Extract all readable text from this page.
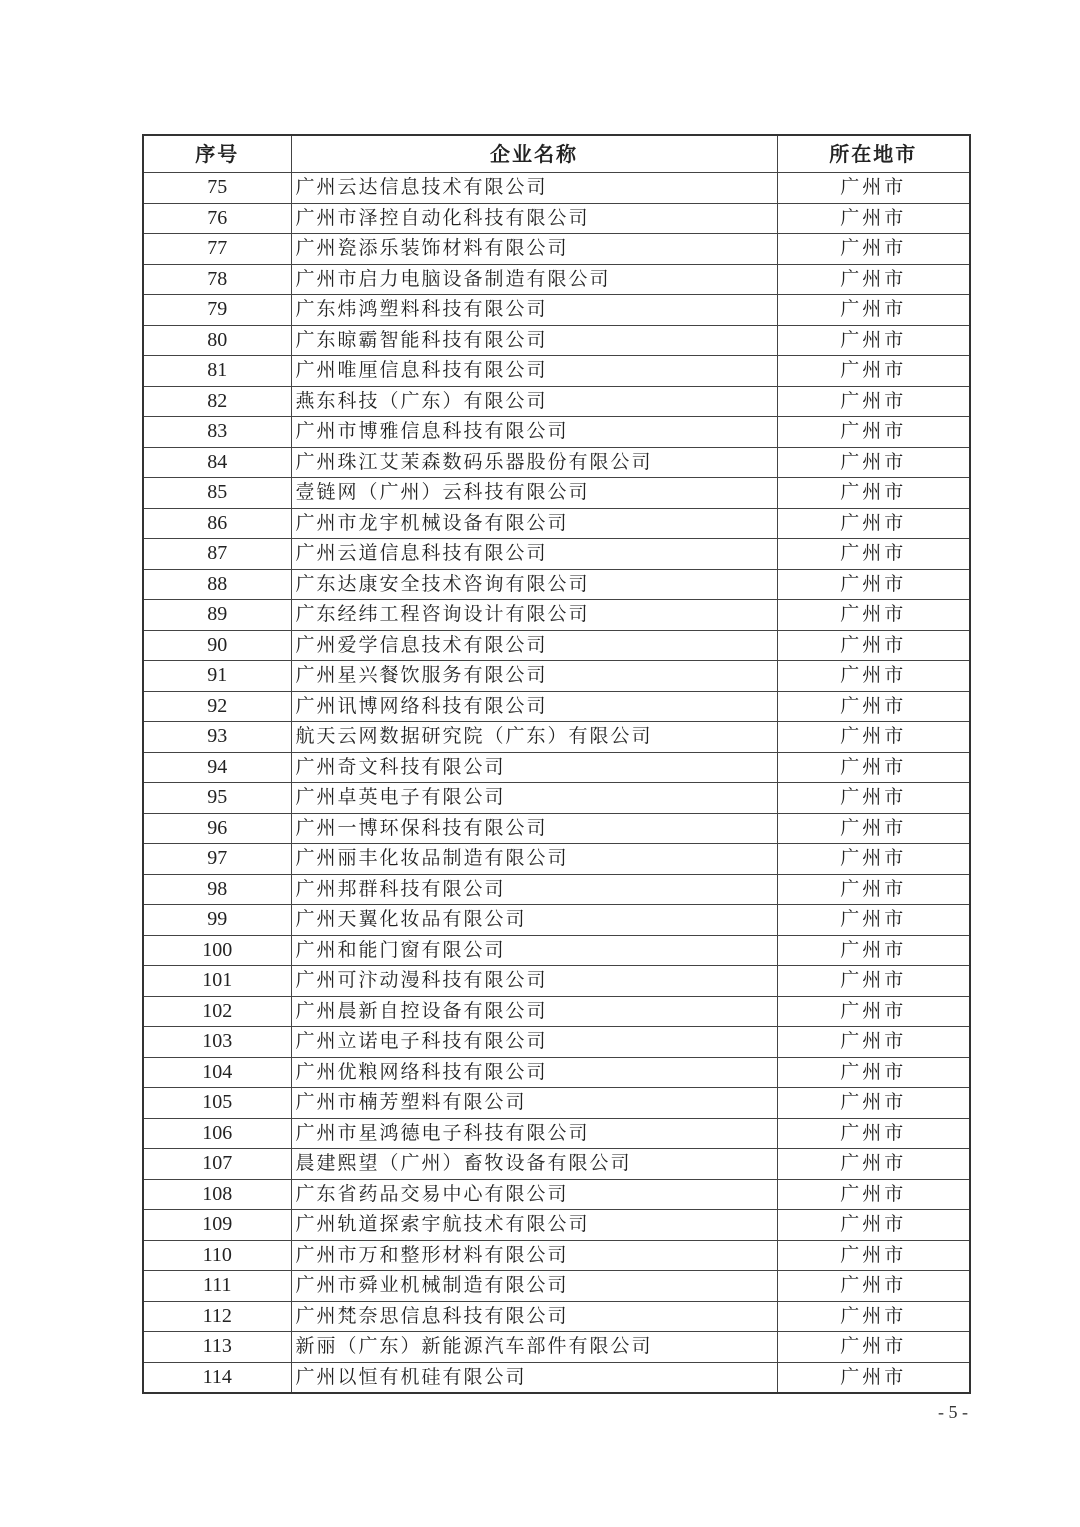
序号	企业名称	所在地市
75	广州云达信息技术有限公司	广州市
76	广州市泽控自动化科技有限公司	广州市
77	广州瓷添乐装饰材料有限公司	广州市
78	广州市启力电脑设备制造有限公司	广州市
79	广东炜鸿塑料科技有限公司	广州市
80	广东晾霸智能科技有限公司	广州市
81	广州唯厘信息科技有限公司	广州市
82	燕东科技（广东）有限公司	广州市
83	广州市博雅信息科技有限公司	广州市
84	广州珠江艾茉森数码乐器股份有限公司	广州市
85	壹链网（广州）云科技有限公司	广州市
86	广州市龙宇机械设备有限公司	广州市
87	广州云道信息科技有限公司	广州市
88	广东达康安全技术咨询有限公司	广州市
89	广东经纬工程咨询设计有限公司	广州市
90	广州爱学信息技术有限公司	广州市
91	广州星兴餐饮服务有限公司	广州市
92	广州讯博网络科技有限公司	广州市
93	航天云网数据研究院（广东）有限公司	广州市
94	广州奇文科技有限公司	广州市
95	广州卓英电子有限公司	广州市
96	广州一博环保科技有限公司	广州市
97	广州丽丰化妆品制造有限公司	广州市
98	广州邦群科技有限公司	广州市
99	广州天翼化妆品有限公司	广州市
100	广州和能门窗有限公司	广州市
101	广州可汴动漫科技有限公司	广州市
102	广州晨新自控设备有限公司	广州市
103	广州立诺电子科技有限公司	广州市
104	广州优粮网络科技有限公司	广州市
105	广州市楠芳塑料有限公司	广州市
106	广州市星鸿德电子科技有限公司	广州市
107	晨建熙望（广州）畜牧设备有限公司	广州市
108	广东省药品交易中心有限公司	广州市
109	广州轨道探索宇航技术有限公司	广州市
110	广州市万和整形材料有限公司	广州市
111	广州市舜业机械制造有限公司	广州市
112	广州梵奈思信息科技有限公司	广州市
113	新丽（广东）新能源汽车部件有限公司	广州市
114	广州以恒有机硅有限公司	广州市
- 5 -
